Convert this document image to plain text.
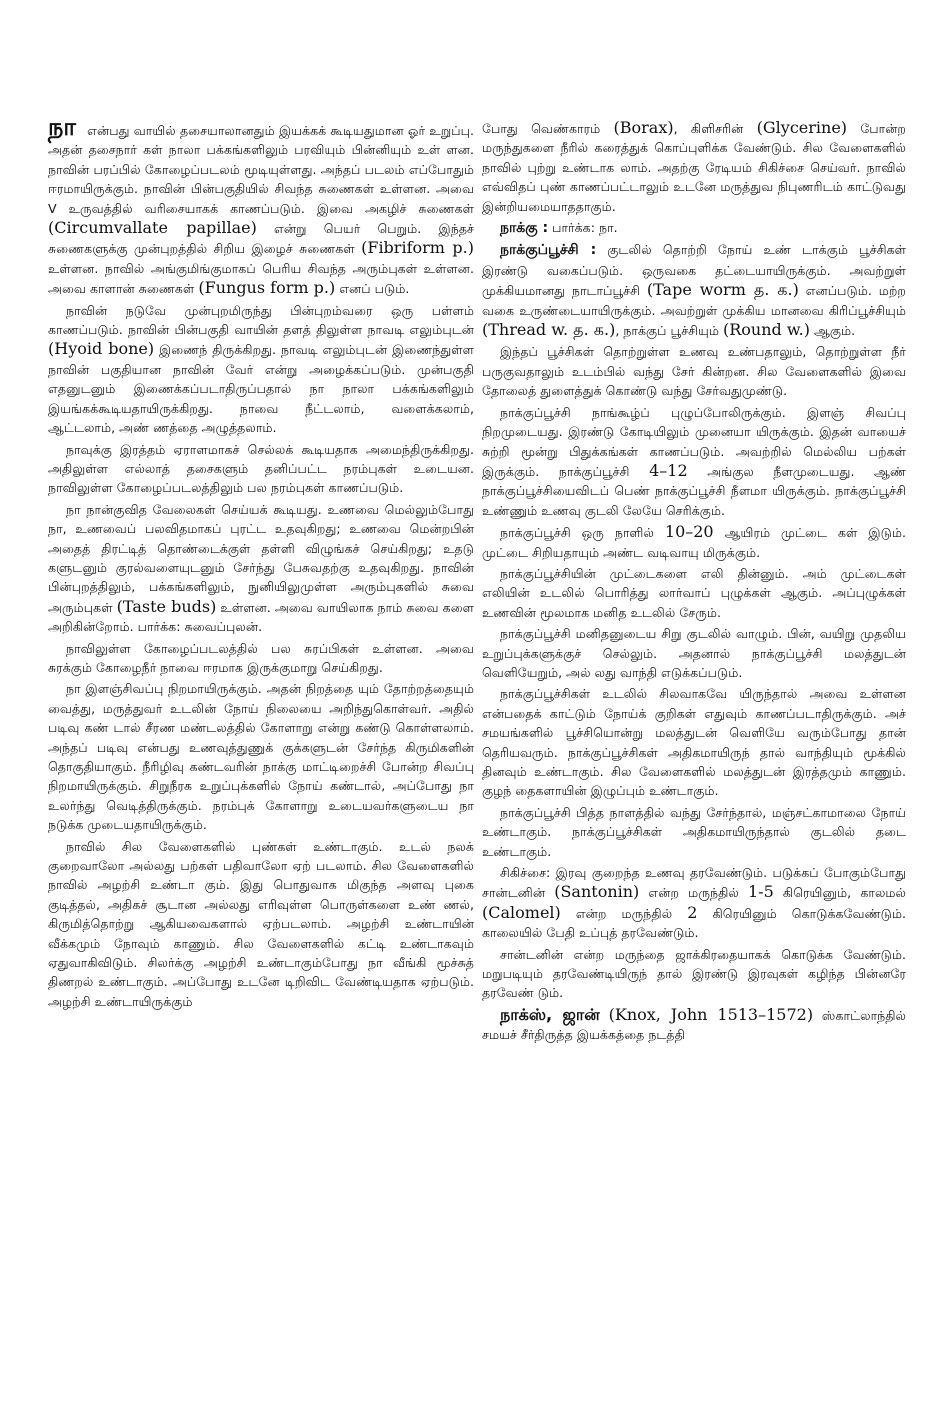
நா என்பது வாயில் தசையாலானதும் இயக்கக் கூடியதுமான ஓர் உறுப்பு. அதன் தசைநார் கள் நாலா பக்கங்களிலும் பரவியும் பின்னியும் உள் ளன. நாவின் பரப்பில் கோழைப்படலம் மூடியுள்ளது. அந்தப் படலம் எப்போதும் ஈரமாயிருக்கும். நாவின் பின்பகுதியில் சிவந்த சுணைகள் உள்ளன. அவை V உருவத்தில் வரிசையாகக் காணப்படும். இவை அகழிச் சுணைகள் (Circumvallate papillae) என்று பெயர் பெறும். இந்தச் சுணைகளுக்கு முன்புறத்தில் சிறிய இழைச் சுணைகள் (Fibriform p.) உள்ளன. நாவில் அங்குமிங்குமாகப் பெரிய சிவந்த அரும்புகள் உள்ளன. அவை காளான் சுணைகள் (Fungus form p.) எனப் படும்.

நாவின் நடுவே முன்புறமிருந்து பின்புறம்வரை ஒரு பள்ளம் காணப்படும். நாவின் பின்பகுதி வாயின் தளத் திலுள்ள நாவடி எலும்புடன் (Hyoid bone) இணைந் திருக்கிறது. நாவடி எலும்புடன் இணைந்துள்ள நாவின் பகுதியான நாவின் வேர் என்று அழைக்கப்படும். முன்பகுதி எதனுடனும் இணைக்கப்படாதிருப்பதால் நா நாலா பக்கங்களிலும் இயங்கக்கூடியதாயிருக்கிறது. நாவை நீட்டலாம், வளைக்கலாம், ஆட்டலாம், அண் ணத்தை அழுத்தலாம்.

நாவுக்கு இரத்தம் ஏராளமாகச் செல்லக் கூடியதாக அமைந்திருக்கிறது. அதிலுள்ள எல்லாத் தசைகளும் தனிப்பட்ட நரம்புகள் உடையன. நாவிலுள்ள கோழைப்படலத்திலும் பல நரம்புகள் காணப்படும்.

நா நான்குவித வேலைகள் செய்யக் கூடியது. உணவை மெல்லும்போது நா, உணவைப் பலவிதமாகப் புரட்ட உதவுகிறது; உணவை மென்றபின் அதைத் திரட்டித் தொண்டைக்குள் தள்ளி விழுங்கச் செய்கிறது; உதடு களுடனும் குரல்வளையுடனும் சேர்ந்து பேசுவதற்கு உதவுகிறது. நாவின் பின்புறத்திலும், பக்கங்களிலும், நுனியிலுமுள்ள அரும்புகளில் சுவை அரும்புகள் (Taste buds) உள்ளன. அவை வாயிலாக நாம் சுவை களை அறிகின்றோம். பார்க்க: சுவைப்புலன்.

நாவிலுள்ள கோழைப்படலத்தில் பல சுரப்பிகள் உள்ளன. அவை சுரக்கும் கோழைநீர் நாவை ஈரமாக இருக்குமாறு செய்கிறது.

நா இளஞ்சிவப்பு நிறமாயிருக்கும். அதன் நிறத்தை யும் தோற்றத்தையும் வைத்து, மருத்துவர் உடலின் நோய் நிலையை அறிந்துகொள்வர். அதில் படிவு கண் டால் சீரண மண்டலத்தில் கோளாறு என்று கண்டு கொள்ளலாம். அந்தப் படிவு என்பது உணவுத்துணுக் குக்களுடன் சேர்ந்த கிருமிகளின் தொகுதியாகும். நீரிழிவு கண்டவரின் நாக்கு மாட்டிறைச்சி போன்ற சிவப்பு நிறமாயிருக்கும். சிறுநீரக உறுப்புக்களில் நோய் கண்டால், அப்போது நா உலர்ந்து வெடித்திருக்கும். நரம்புக் கோளாறு உடையவர்களுடைய நா நடுக்க முடையதாயிருக்கும்.

நாவில் சில வேளைகளில் புண்கள் உண்டாகும். உடல் நலக் குறைவாலோ அல்லது பற்கள் பதிவாலோ ஏற் படலாம். சில வேளைகளில் நாவில் அழற்சி உண்டா கும். இது பொதுவாக மிகுந்த அளவு புகை குடித்தல், அதிகச் சூடான அல்லது எரிவுள்ள பொருள்களை உண் ணல், கிருமித்தொற்று ஆகியவைகளால் ஏற்படலாம். அழற்சி உண்டாயின் வீக்கமும் நோவும் காணும். சில வேளைகளில் கட்டி உண்டாகவும் ஏதுவாகிவிடும். சிலர்க்கு அழற்சி உண்டாகும்போது நா வீங்கி மூச்சுத் திணறல் உண்டாகும். அப்போது உடனே டிறிவிட வேண்டியதாக ஏற்படும். அழற்சி உண்டாயிருக்கும்

போது வெண்காரம் (Borax), கிளிசரின் (Glycerine) போன்ற மருந்துகளை நீரில் கரைத்துக் கொப்புளிக்க வேண்டும். சில வேளைகளில் நாவில் புற்று உண்டாக லாம். அதற்கு ரேடியம் சிகிச்சை செய்வர். நாவில் எவ்விதப் புண் காணப்பட்டாலும் உடனே மருத்துவ நிபுணரிடம் காட்டுவது இன்றியமையாததாகும்.

நாக்கு : பார்க்க: நா.

நாக்குப்பூச்சி : குடலில் தொற்றி நோய் உண் டாக்கும் பூச்சிகள் இரண்டு வகைப்படும். ஒருவகை தட்டையாயிருக்கும். அவற்றுள் முக்கியமானது நாடாப்பூச்சி (Tape worm த. க.) எனப்படும். மற்ற வகை உருண்டையாயிருக்கும். அவற்றுள் முக்கிய மானவை கிரிப்பூச்சியும் (Thread w. த. க.), நாக்குப் பூச்சியும் (Round w.) ஆகும்.

இந்தப் பூச்சிகள் தொற்றுள்ள உணவு உண்பதாலும், தொற்றுள்ள நீர் பருகுவதாலும் உடம்பில் வந்து சேர் கின்றன. சில வேளைகளில் இவை தோலைத் துளைத்துக் கொண்டு வந்து சேர்வதுமுண்டு.

நாக்குப்பூச்சி நாங்கூழ்ப் புழுப்போலிருக்கும். இளஞ் சிவப்பு நிறமுடையது. இரண்டு கோடியிலும் முனையா யிருக்கும். இதன் வாயைச் சுற்றி மூன்று பிதுக்கங்கள் காணப்படும். அவற்றில் மெல்லிய பற்கள் இருக்கும். நாக்குப்பூச்சி 4–12 அங்குல நீளமுடையது. ஆண் நாக்குப்பூச்சியைவிடப் பெண் நாக்குப்பூச்சி நீளமா யிருக்கும். நாக்குப்பூச்சி உண்ணும் உணவு குடலி லேயே செரிக்கும்.

நாக்குப்பூச்சி ஒரு நாளில் 10–20 ஆயிரம் முட்டை கள் இடும். முட்டை சிறியதாயும் அண்ட வடிவாயு மிருக்கும்.

நாக்குப்பூச்சியின் முட்டைகளை எலி தின்னும். அம் முட்டைகள் எலியின் உடலில் பொரித்து லார்வாப் புழுக்கள் ஆகும். அப்புழுக்கள் உணவின் மூலமாக மனித உடலில் சேரும்.

நாக்குப்பூச்சி மனிதனுடைய சிறு குடலில் வாழும். பின், வயிறு முதலிய உறுப்புக்களுக்குச் செல்லும். அதனால் நாக்குப்பூச்சி மலத்துடன் வெளியேறும், அல் லது வாந்தி எடுக்கப்படும்.

நாக்குப்பூச்சிகள் உடலில் சிலவாகவே யிருந்தால் அவை உள்ளன என்பதைக் காட்டும் நோய்க் குறிகள் எதுவும் காணப்படாதிருக்கும். அச் சமயங்களில் பூச்சியொன்று மலத்துடன் வெளியே வரும்போது தான் தெரியவரும். நாக்குப்பூச்சிகள் அதிகமாயிருந் தால் வாந்தியும் மூக்கில் தினவும் உண்டாகும். சில வேளைகளில் மலத்துடன் இரத்தமும் காணும். குழந் தைகளாயின் இழுப்பும் உண்டாகும்.

நாக்குப்பூச்சி பித்த நாளத்தில் வந்து சேர்ந்தால், மஞ்சட்காமாலை நோய் உண்டாகும். நாக்குப்பூச்சிகள் அதிகமாயிருந்தால் குடலில் தடை உண்டாகும்.

சிகிச்சை: இரவு குறைந்த உணவு தரவேண்டும். படுக்கப் போகும்போது சான்டனின் (Santonin) என்ற மருந்தில் 1-5 கிரெயினும், காலமல் (Calomel) என்ற மருந்தில் 2 கிரெயினும் கொடுக்கவேண்டும். காலையில் பேதி உப்புத் தரவேண்டும்.

சான்டனின் என்ற மருந்தை ஜாக்கிரதையாகக் கொடுக்க வேண்டும். மறுபடியும் தரவேண்டியிருந் தால் இரண்டு இரவுகள் கழிந்த பின்னரே தரவேண் டும்.

நாக்ஸ், ஜான் (Knox, John 1513–1572) ஸ்காட்லாந்தில் சமயச் சீர்திருத்த இயக்கத்தை நடத்தி
